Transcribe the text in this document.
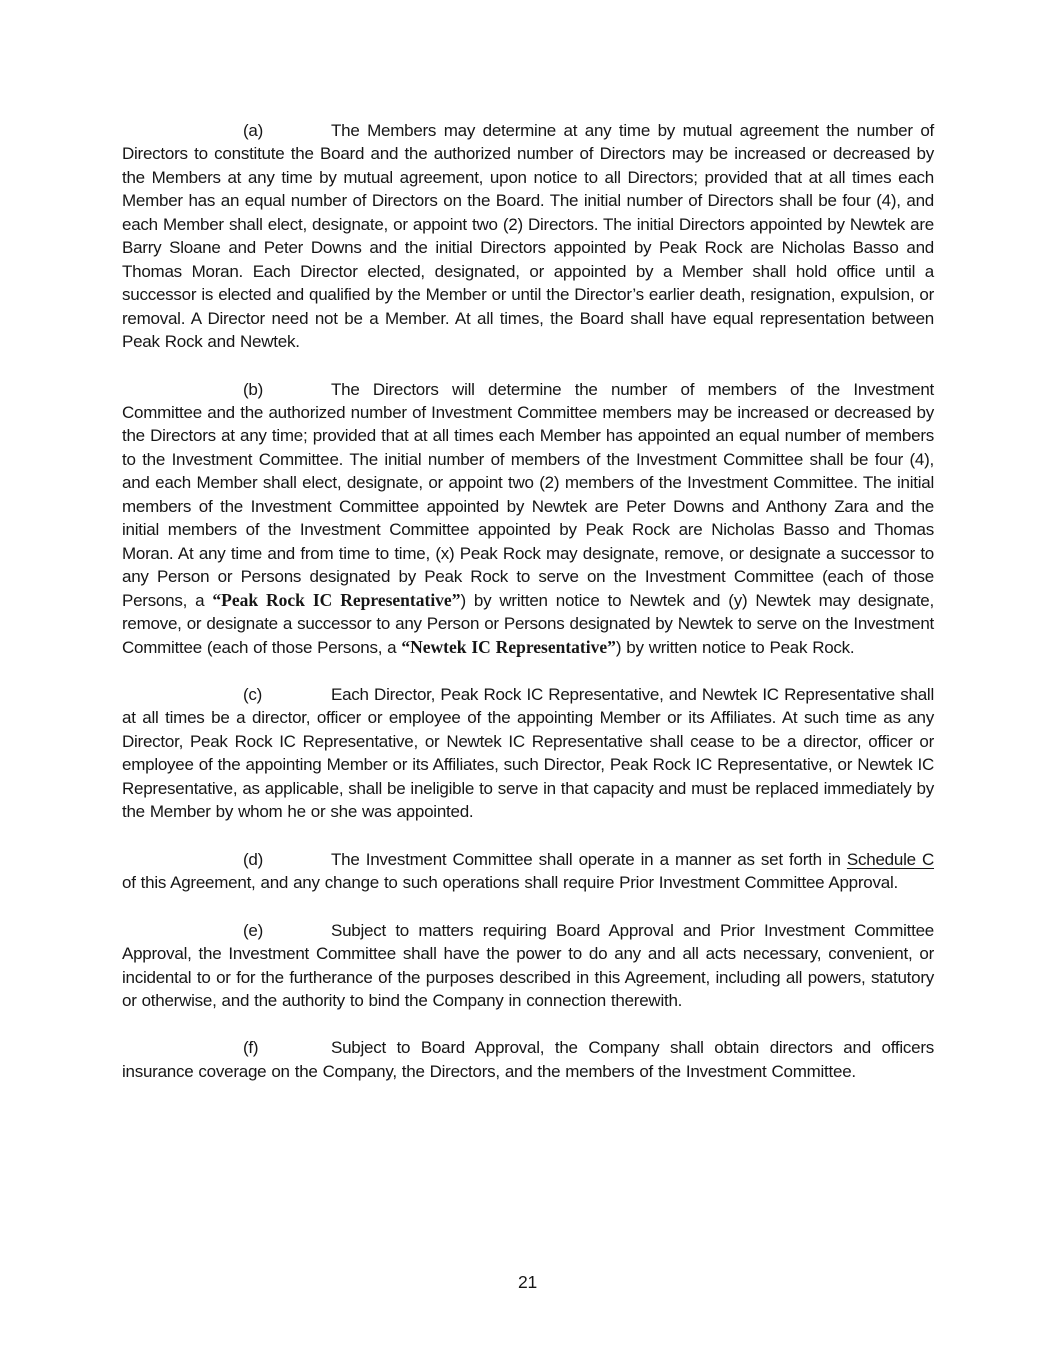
(a)	The Members may determine at any time by mutual agreement the number of Directors to constitute the Board and the authorized number of Directors may be increased or decreased by the Members at any time by mutual agreement, upon notice to all Directors; provided that at all times each Member has an equal number of Directors on the Board. The initial number of Directors shall be four (4), and each Member shall elect, designate, or appoint two (2) Directors. The initial Directors appointed by Newtek are Barry Sloane and Peter Downs and the initial Directors appointed by Peak Rock are Nicholas Basso and Thomas Moran. Each Director elected, designated, or appointed by a Member shall hold office until a successor is elected and qualified by the Member or until the Director’s earlier death, resignation, expulsion, or removal. A Director need not be a Member. At all times, the Board shall have equal representation between Peak Rock and Newtek.

(b)	The Directors will determine the number of members of the Investment Committee and the authorized number of Investment Committee members may be increased or decreased by the Directors at any time; provided that at all times each Member has appointed an equal number of members to the Investment Committee. The initial number of members of the Investment Committee shall be four (4), and each Member shall elect, designate, or appoint two (2) members of the Investment Committee. The initial members of the Investment Committee appointed by Newtek are Peter Downs and Anthony Zara and the initial members of the Investment Committee appointed by Peak Rock are Nicholas Basso and Thomas Moran. At any time and from time to time, (x) Peak Rock may designate, remove, or designate a successor to any Person or Persons designated by Peak Rock to serve on the Investment Committee (each of those Persons, a “Peak Rock IC Representative”) by written notice to Newtek and (y) Newtek may designate, remove, or designate a successor to any Person or Persons designated by Newtek to serve on the Investment Committee (each of those Persons, a “Newtek IC Representative”) by written notice to Peak Rock.

(c)	Each Director, Peak Rock IC Representative, and Newtek IC Representative shall at all times be a director, officer or employee of the appointing Member or its Affiliates. At such time as any Director, Peak Rock IC Representative, or Newtek IC Representative shall cease to be a director, officer or employee of the appointing Member or its Affiliates, such Director, Peak Rock IC Representative, or Newtek IC Representative, as applicable, shall be ineligible to serve in that capacity and must be replaced immediately by the Member by whom he or she was appointed.

(d)	The Investment Committee shall operate in a manner as set forth in Schedule C of this Agreement, and any change to such operations shall require Prior Investment Committee Approval.

(e)	Subject to matters requiring Board Approval and Prior Investment Committee Approval, the Investment Committee shall have the power to do any and all acts necessary, convenient, or incidental to or for the furtherance of the purposes described in this Agreement, including all powers, statutory or otherwise, and the authority to bind the Company in connection therewith.

(f)	Subject to Board Approval, the Company shall obtain directors and officers insurance coverage on the Company, the Directors, and the members of the Investment Committee.

21
